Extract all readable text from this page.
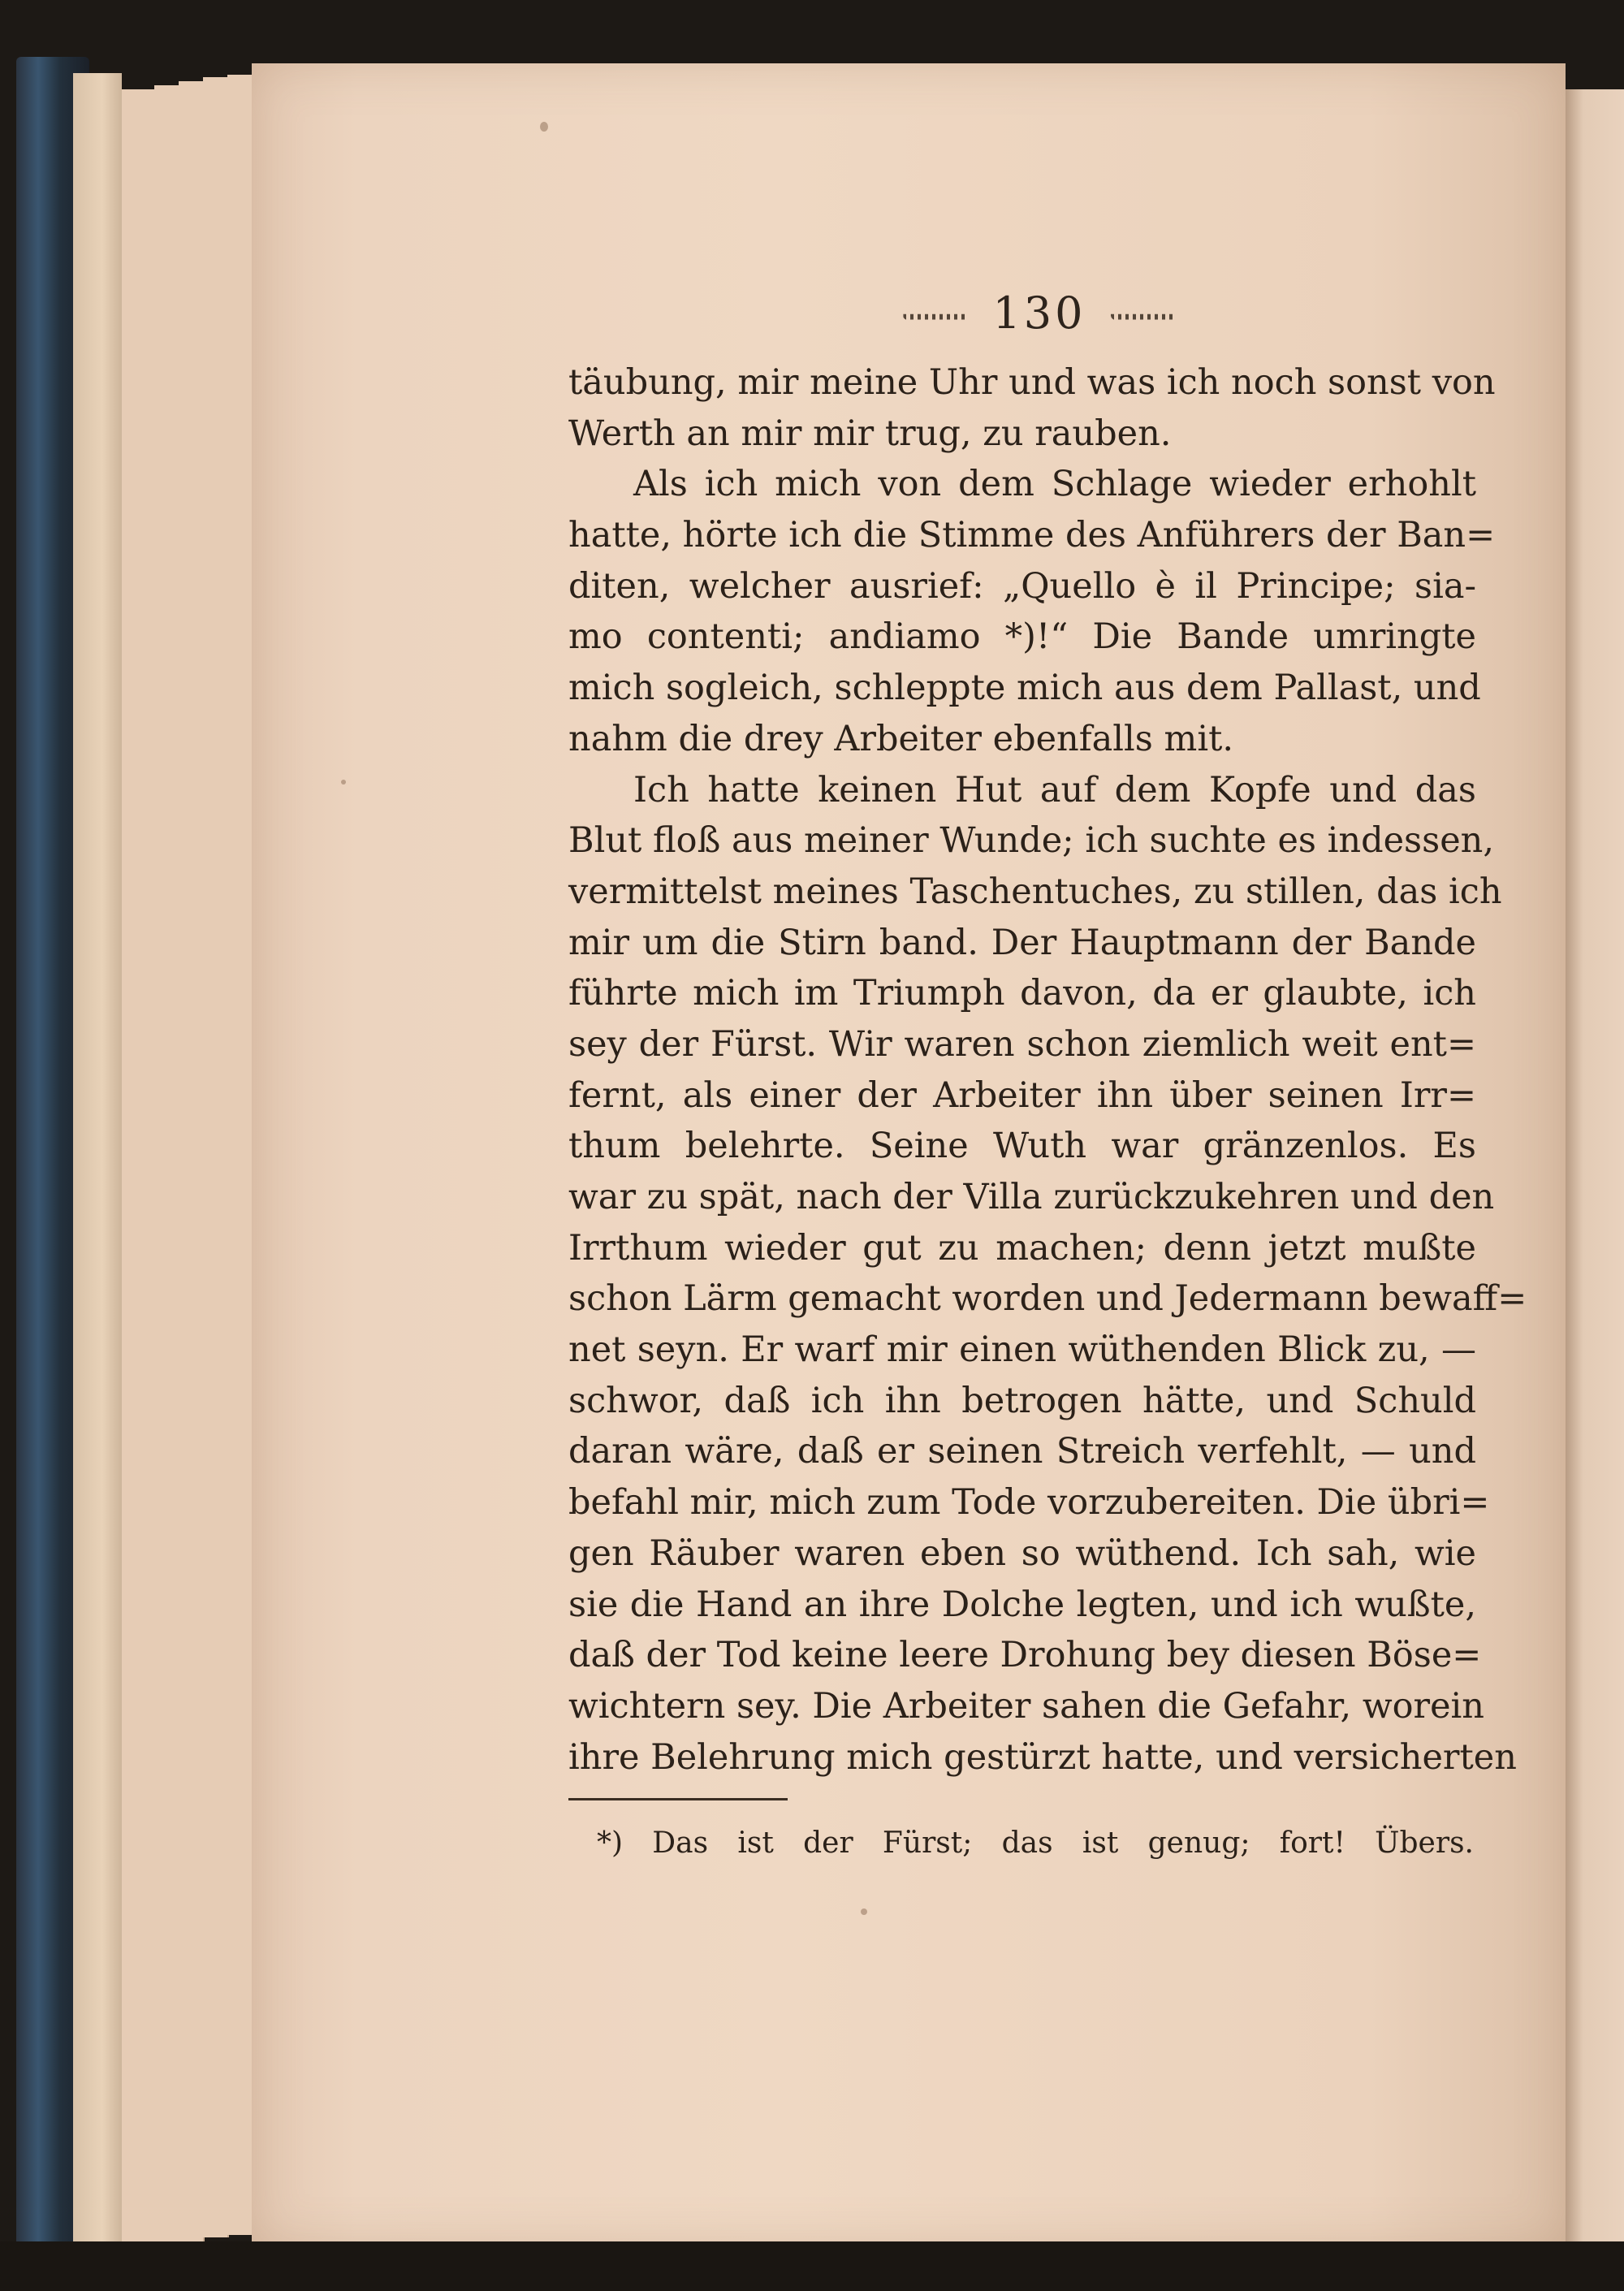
130
täubung, mir meine Uhr und was ich noch sonst von
Werth an mir mir trug, zu rauben.
Als ich mich von dem Schlage wieder erhohlt
hatte, hörte ich die Stimme des Anführers der Ban=
diten, welcher ausrief: „Quello è il Principe; sia-
mo contenti; andiamo *)!“ Die Bande umringte
mich sogleich, schleppte mich aus dem Pallast, und
nahm die drey Arbeiter ebenfalls mit.
Ich hatte keinen Hut auf dem Kopfe und das
Blut floß aus meiner Wunde; ich suchte es indessen,
vermittelst meines Taschentuches, zu stillen, das ich
mir um die Stirn band. Der Hauptmann der Bande
führte mich im Triumph davon, da er glaubte, ich
sey der Fürst. Wir waren schon ziemlich weit ent=
fernt, als einer der Arbeiter ihn über seinen Irr=
thum belehrte. Seine Wuth war gränzenlos. Es
war zu spät, nach der Villa zurückzukehren und den
Irrthum wieder gut zu machen; denn jetzt mußte
schon Lärm gemacht worden und Jedermann bewaff=
net seyn. Er warf mir einen wüthenden Blick zu, —
schwor, daß ich ihn betrogen hätte, und Schuld
daran wäre, daß er seinen Streich verfehlt, — und
befahl mir, mich zum Tode vorzubereiten. Die übri=
gen Räuber waren eben so wüthend. Ich sah, wie
sie die Hand an ihre Dolche legten, und ich wußte,
daß der Tod keine leere Drohung bey diesen Böse=
wichtern sey. Die Arbeiter sahen die Gefahr, worein
ihre Belehrung mich gestürzt hatte, und versicherten
*) Das ist der Fürst; das ist genug; fort! Übers.
